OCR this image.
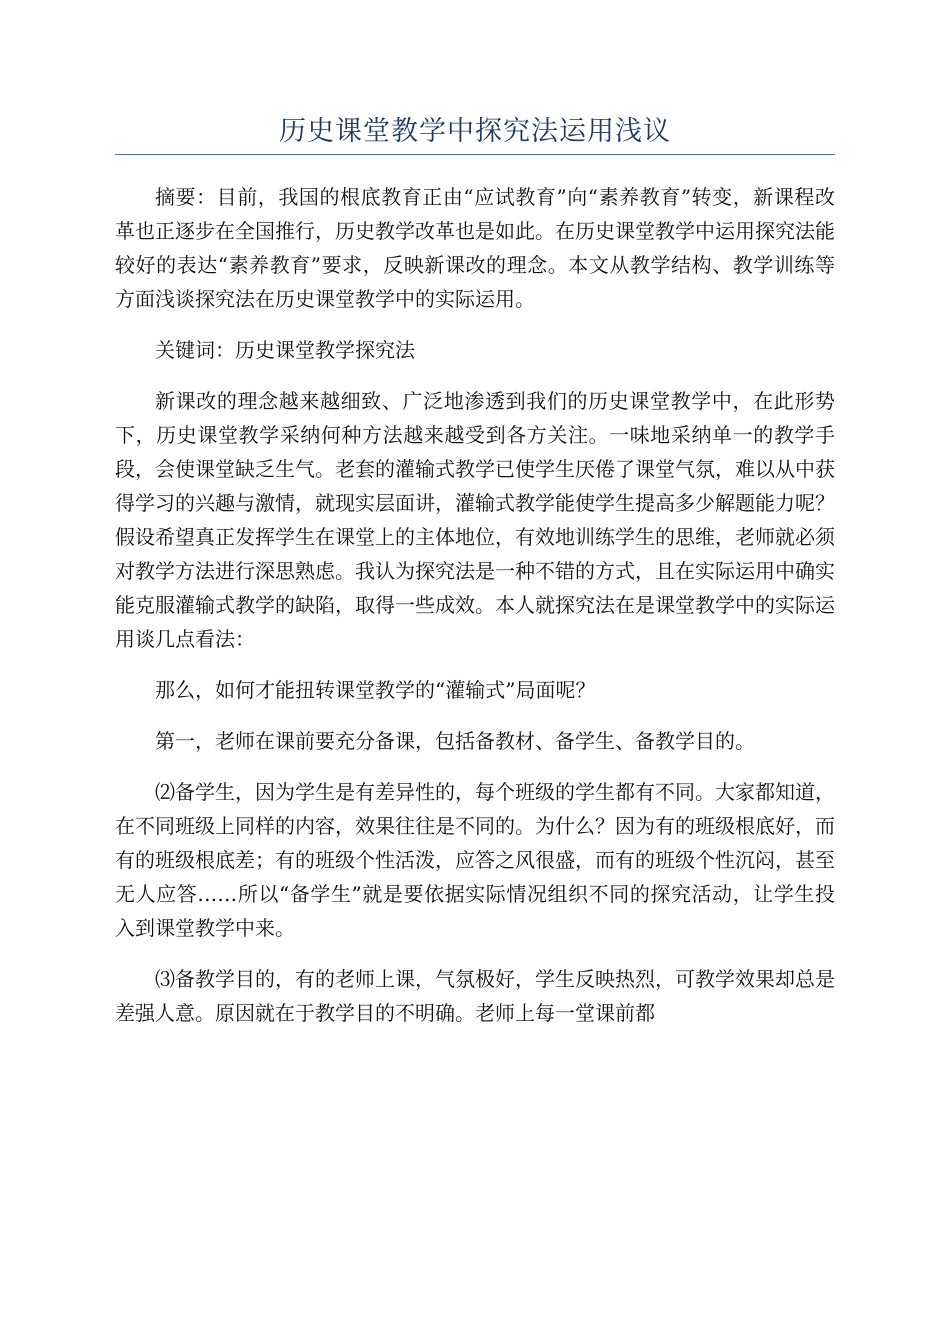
历史课堂教学中探究法运用浅议

摘要：目前，我国的根底教育正由“应试教育”向“素养教育”转变，新课程改革也正逐步在全国推行，历史教学改革也是如此。在历史课堂教学中运用探究法能较好的表达“素养教育”要求，反映新课改的理念。本文从教学结构、教学训练等方面浅谈探究法在历史课堂教学中的实际运用。

关键词：历史课堂教学探究法

新课改的理念越来越细致、广泛地渗透到我们的历史课堂教学中，在此形势下，历史课堂教学采纳何种方法越来越受到各方关注。一味地采纳单一的教学手段，会使课堂缺乏生气。老套的灌输式教学已使学生厌倦了课堂气氛，难以从中获得学习的兴趣与激情，就现实层面讲，灌输式教学能使学生提高多少解题能力呢？假设希望真正发挥学生在课堂上的主体地位，有效地训练学生的思维，老师就必须对教学方法进行深思熟虑。我认为探究法是一种不错的方式，且在实际运用中确实能克服灌输式教学的缺陷，取得一些成效。本人就探究法在是课堂教学中的实际运用谈几点看法：

那么，如何才能扭转课堂教学的“灌输式”局面呢？

第一，老师在课前要充分备课，包括备教材、备学生、备教学目的。

⑵备学生，因为学生是有差异性的，每个班级的学生都有不同。大家都知道，在不同班级上同样的内容，效果往往是不同的。为什么？因为有的班级根底好，而有的班级根底差；有的班级个性活泼，应答之风很盛，而有的班级个性沉闷，甚至无人应答……所以“备学生”就是要依据实际情况组织不同的探究活动，让学生投入到课堂教学中来。

⑶备教学目的，有的老师上课，气氛极好，学生反映热烈，可教学效果却总是差强人意。原因就在于教学目的不明确。老师上每一堂课前都
